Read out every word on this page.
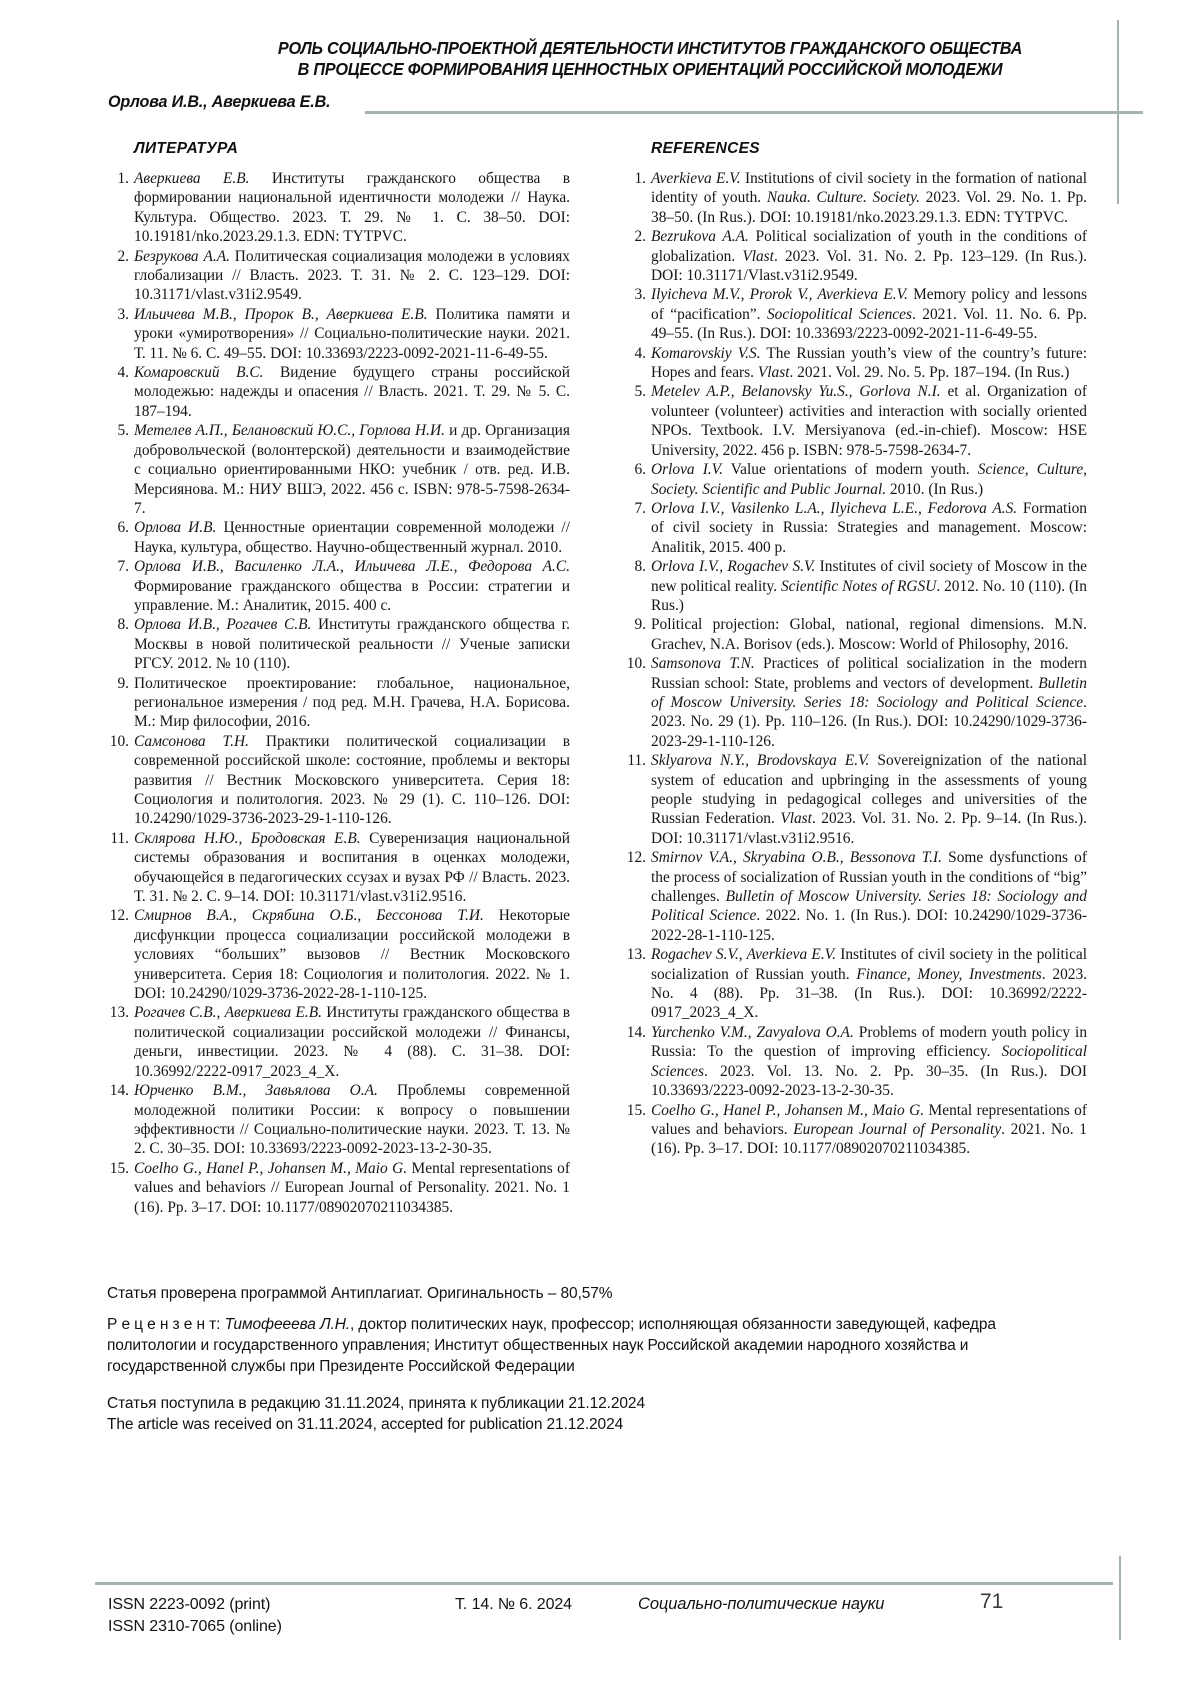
РОЛЬ СОЦИАЛЬНО-ПРОЕКТНОЙ ДЕЯТЕЛЬНОСТИ ИНСТИТУТОВ ГРАЖДАНСКОГО ОБЩЕСТВА
В ПРОЦЕССЕ ФОРМИРОВАНИЯ ЦЕННОСТНЫХ ОРИЕНТАЦИЙ РОССИЙСКОЙ МОЛОДЕЖИ
Орлова И.В., Аверкиева Е.В.
ЛИТЕРАТУРА
1. Аверкиева Е.В. Институты гражданского общества в формировании национальной идентичности молодежи // Наука. Культура. Общество. 2023. Т. 29. № 1. С. 38–50. DOI: 10.19181/nko.2023.29.1.3. EDN: TYTPVC.
2. Безрукова А.А. Политическая социализация молодежи в условиях глобализации // Власть. 2023. Т. 31. № 2. С. 123–129. DOI: 10.31171/vlast.v31i2.9549.
3. Ильичева М.В., Пророк В., Аверкиева Е.В. Политика памяти и уроки «умиротворения» // Социально-политические науки. 2021. Т. 11. № 6. С. 49–55. DOI: 10.33693/2223-0092-2021-11-6-49-55.
4. Комаровский В.С. Видение будущего страны российской молодежью: надежды и опасения // Власть. 2021. Т. 29. № 5. С. 187–194.
5. Метелев А.П., Белановский Ю.С., Горлова Н.И. и др. Организация добровольческой (волонтерской) деятельности и взаимодействие с социально ориентированными НКО: учебник / отв. ред. И.В. Мерсиянова. М.: НИУ ВШЭ, 2022. 456 с. ISBN: 978-5-7598-2634-7.
6. Орлова И.В. Ценностные ориентации современной молодежи // Наука, культура, общество. Научно-общественный журнал. 2010.
7. Орлова И.В., Василенко Л.А., Ильичева Л.Е., Федорова А.С. Формирование гражданского общества в России: стратегии и управление. М.: Аналитик, 2015. 400 с.
8. Орлова И.В., Рогачев С.В. Институты гражданского общества г. Москвы в новой политической реальности // Ученые записки РГСУ. 2012. № 10 (110).
9. Политическое проектирование: глобальное, национальное, региональное измерения / под ред. М.Н. Грачева, Н.А. Борисова. М.: Мир философии, 2016.
10. Самсонова Т.Н. Практики политической социализации в современной российской школе: состояние, проблемы и векторы развития // Вестник Московского университета. Серия 18: Социология и политология. 2023. № 29 (1). С. 110–126. DOI: 10.24290/1029-3736-2023-29-1-110-126.
11. Склярова Н.Ю., Бродовская Е.В. Суверенизация национальной системы образования и воспитания в оценках молодежи, обучающейся в педагогических ссузах и вузах РФ // Власть. 2023. Т. 31. № 2. С. 9–14. DOI: 10.31171/vlast.v31i2.9516.
12. Смирнов В.А., Скрябина О.Б., Бессонова Т.И. Некоторые дисфункции процесса социализации российской молодежи в условиях “больших” вызовов // Вестник Московского университета. Серия 18: Социология и политология. 2022. № 1. DOI: 10.24290/1029-3736-2022-28-1-110-125.
13. Рогачев С.В., Аверкиева Е.В. Институты гражданского общества в политической социализации российской молодежи // Финансы, деньги, инвестиции. 2023. № 4 (88). С. 31–38. DOI: 10.36992/2222-0917_2023_4_X.
14. Юрченко В.М., Завьялова О.А. Проблемы современной молодежной политики России: к вопросу о повышении эффективности // Социально-политические науки. 2023. Т. 13. № 2. С. 30–35. DOI: 10.33693/2223-0092-2023-13-2-30-35.
15. Coelho G., Hanel P., Johansen M., Maio G. Mental representations of values and behaviors // European Journal of Personality. 2021. No. 1 (16). Pp. 3–17. DOI: 10.1177/08902070211034385.
REFERENCES
1. Averkieva E.V. Institutions of civil society in the formation of national identity of youth. Nauka. Culture. Society. 2023. Vol. 29. No. 1. Pp. 38–50. (In Rus.). DOI: 10.19181/nko.2023.29.1.3. EDN: TYTPVC.
2. Bezrukova A.A. Political socialization of youth in the conditions of globalization. Vlast. 2023. Vol. 31. No. 2. Pp. 123–129. (In Rus.). DOI: 10.31171/Vlast.v31i2.9549.
3. Ilyicheva M.V., Prorok V., Averkieva E.V. Memory policy and lessons of “pacification”. Sociopolitical Sciences. 2021. Vol. 11. No. 6. Pp. 49–55. (In Rus.). DOI: 10.33693/2223-0092-2021-11-6-49-55.
4. Komarovskiy V.S. The Russian youth’s view of the country’s future: Hopes and fears. Vlast. 2021. Vol. 29. No. 5. Pp. 187–194. (In Rus.)
5. Metelev A.P., Belanovsky Yu.S., Gorlova N.I. et al. Organization of volunteer (volunteer) activities and interaction with socially oriented NPOs. Textbook. I.V. Mersiyanova (ed.-in-chief). Moscow: HSE University, 2022. 456 p. ISBN: 978-5-7598-2634-7.
6. Orlova I.V. Value orientations of modern youth. Science, Culture, Society. Scientific and Public Journal. 2010. (In Rus.)
7. Orlova I.V., Vasilenko L.A., Ilyicheva L.E., Fedorova A.S. Formation of civil society in Russia: Strategies and management. Moscow: Analitik, 2015. 400 p.
8. Orlova I.V., Rogachev S.V. Institutes of civil society of Moscow in the new political reality. Scientific Notes of RGSU. 2012. No. 10 (110). (In Rus.)
9. Political projection: Global, national, regional dimensions. M.N. Grachev, N.A. Borisov (eds.). Moscow: World of Philosophy, 2016.
10. Samsonova T.N. Practices of political socialization in the modern Russian school: State, problems and vectors of development. Bulletin of Moscow University. Series 18: Sociology and Political Science. 2023. No. 29 (1). Pp. 110–126. (In Rus.). DOI: 10.24290/1029-3736-2023-29-1-110-126.
11. Sklyarova N.Y., Brodovskaya E.V. Sovereignization of the national system of education and upbringing in the assessments of young people studying in pedagogical colleges and universities of the Russian Federation. Vlast. 2023. Vol. 31. No. 2. Pp. 9–14. (In Rus.). DOI: 10.31171/vlast.v31i2.9516.
12. Smirnov V.A., Skryabina O.B., Bessonova T.I. Some dysfunctions of the process of socialization of Russian youth in the conditions of “big” challenges. Bulletin of Moscow University. Series 18: Sociology and Political Science. 2022. No. 1. (In Rus.). DOI: 10.24290/1029-3736-2022-28-1-110-125.
13. Rogachev S.V., Averkieva E.V. Institutes of civil society in the political socialization of Russian youth. Finance, Money, Investments. 2023. No. 4 (88). Pp. 31–38. (In Rus.). DOI: 10.36992/2222-0917_2023_4_X.
14. Yurchenko V.M., Zavyalova O.A. Problems of modern youth policy in Russia: To the question of improving efficiency. Sociopolitical Sciences. 2023. Vol. 13. No. 2. Pp. 30–35. (In Rus.). DOI 10.33693/2223-0092-2023-13-2-30-35.
15. Coelho G., Hanel P., Johansen M., Maio G. Mental representations of values and behaviors. European Journal of Personality. 2021. No. 1 (16). Pp. 3–17. DOI: 10.1177/08902070211034385.
Статья проверена программой Антиплагиат. Оригинальность – 80,57%
Р е ц е н з е н т: Тимофееева Л.Н., доктор политических наук, профессор; исполняющая обязанности заведующей, кафедра политологии и государственного управления; Институт общественных наук Российской академии народного хозяйства и государственной службы при Президенте Российской Федерации
Статья поступила в редакцию 31.11.2024, принята к публикации 21.12.2024
The article was received on 31.11.2024, accepted for publication 21.12.2024
ISSN 2223-0092 (print)
ISSN 2310-7065 (online)
Т. 14. № 6. 2024	Социально-политические науки	71
